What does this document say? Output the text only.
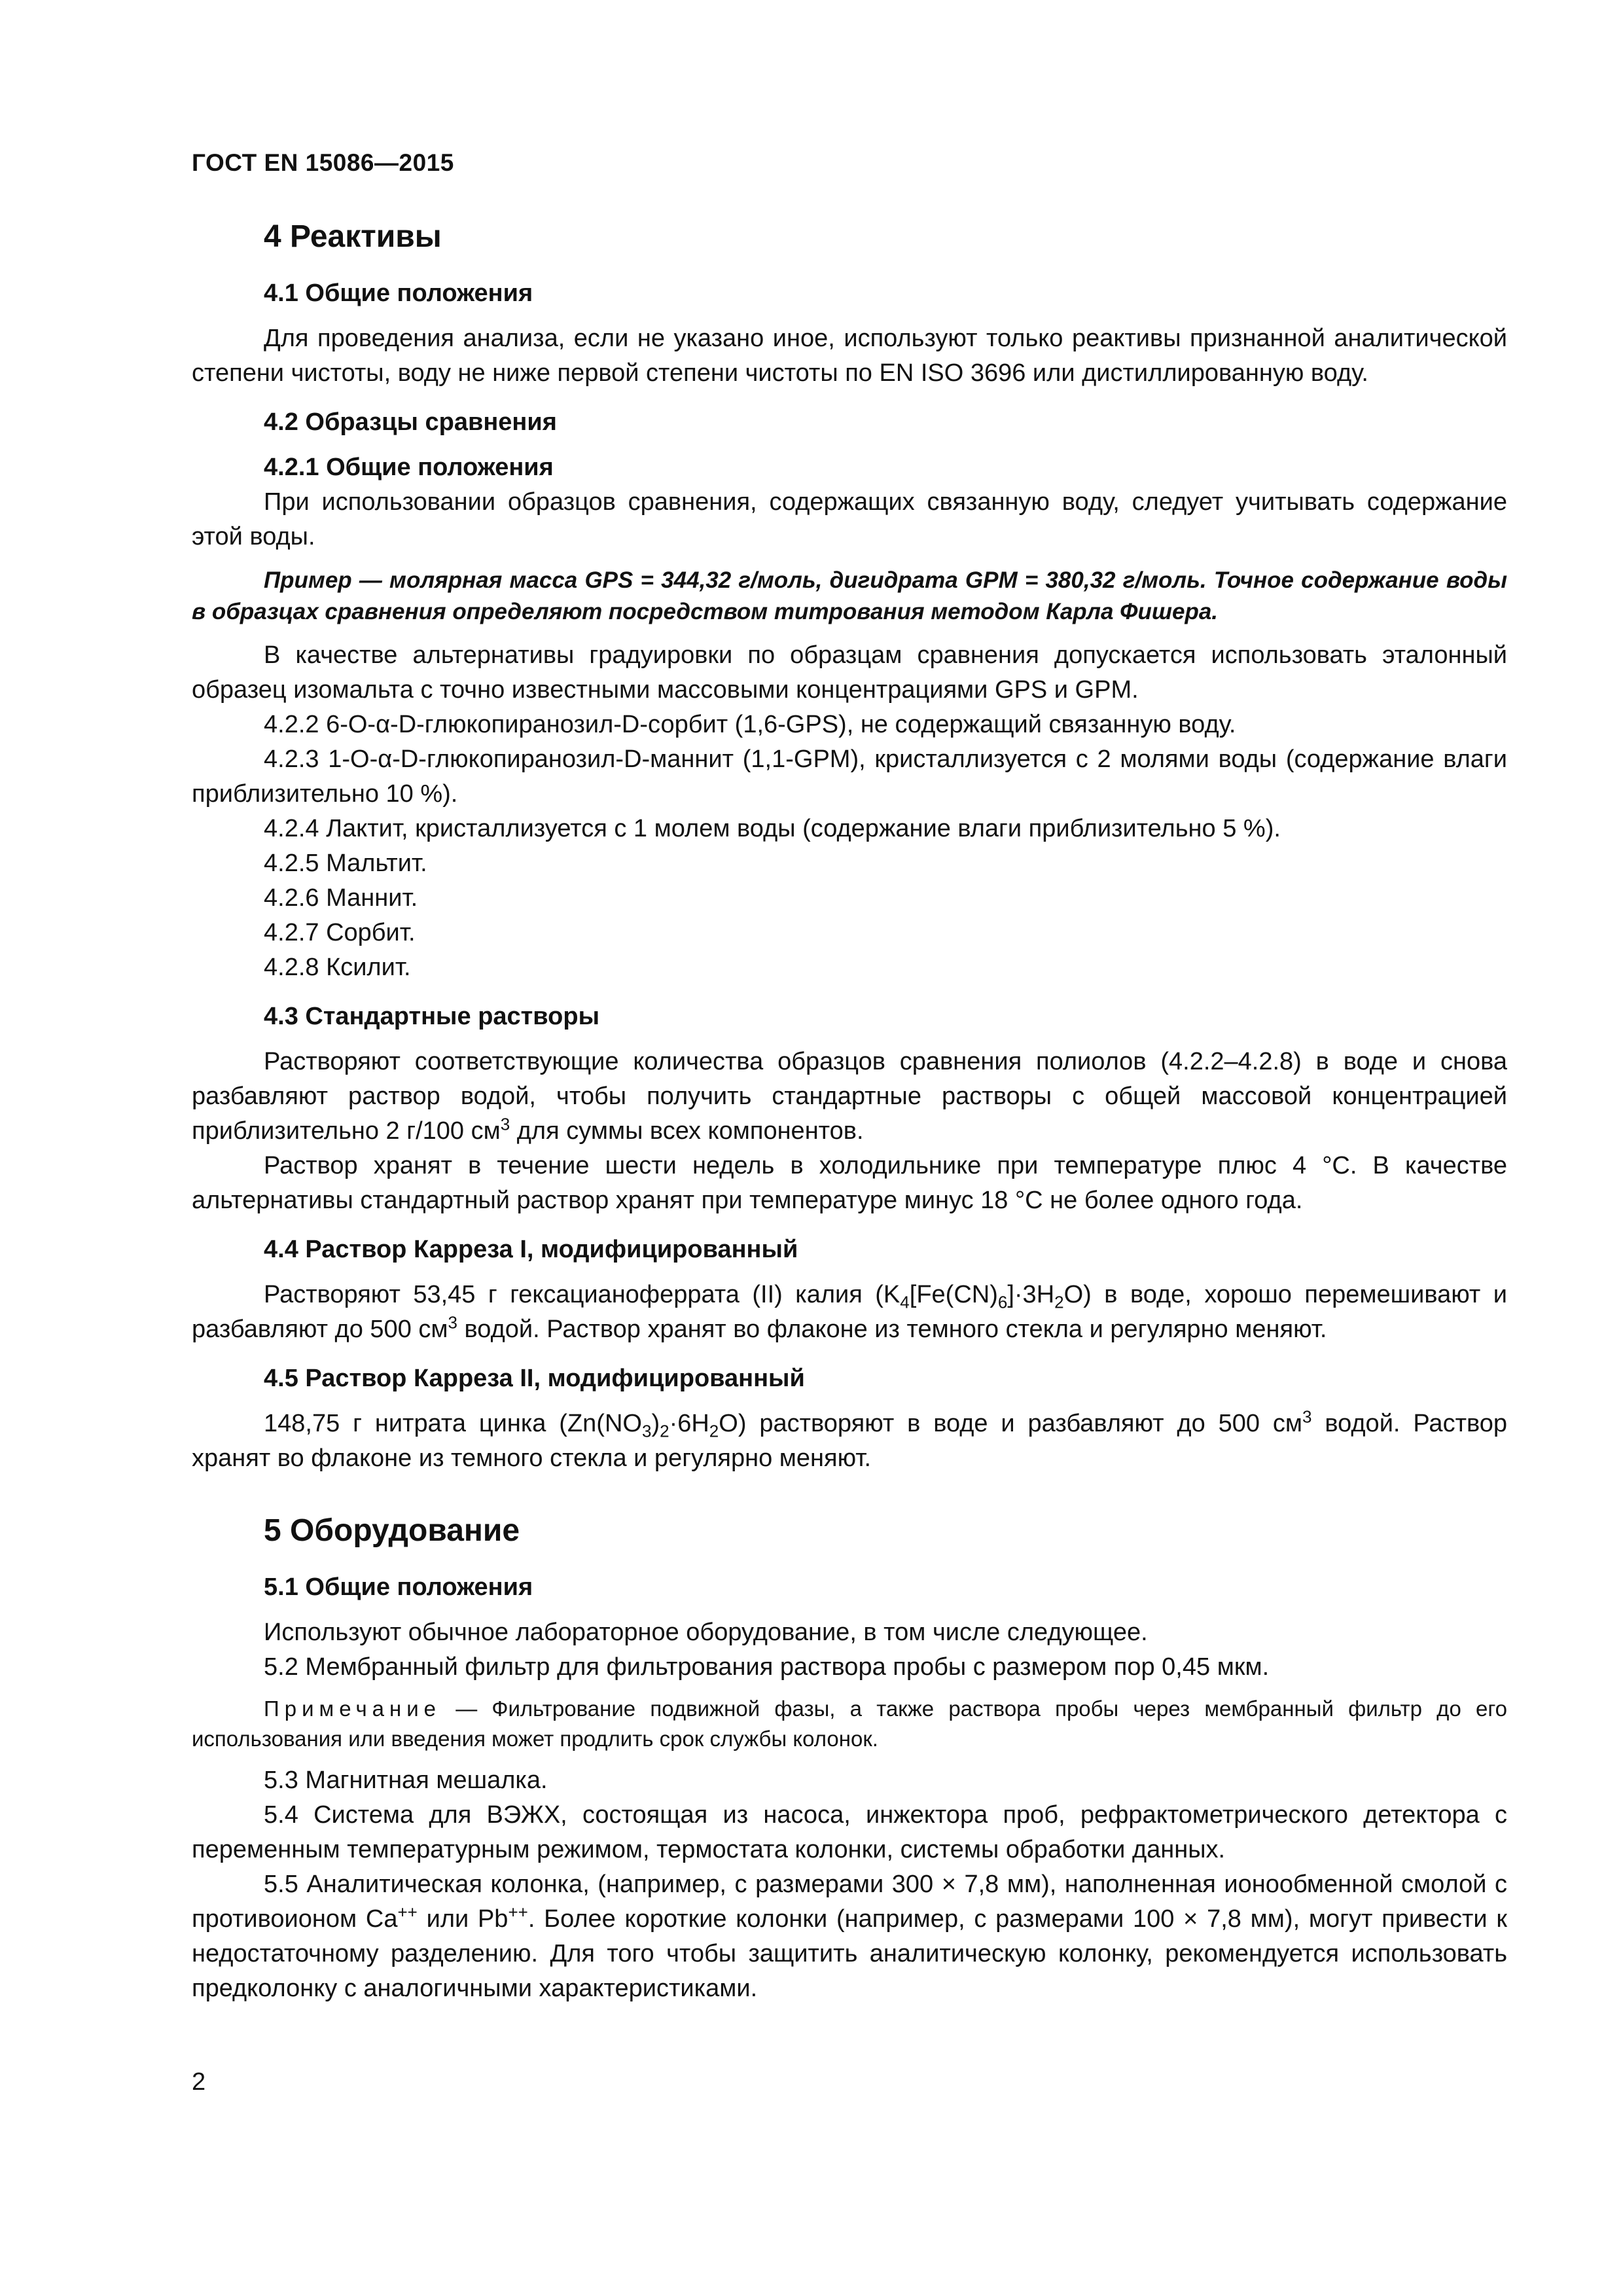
ГОСТ EN 15086—2015
4 Реактивы
4.1 Общие положения

Для проведения анализа, если не указано иное, используют только реактивы признанной аналитической степени чистоты, воду не ниже первой степени чистоты по EN ISO 3696 или дистиллированную воду.

4.2 Образцы сравнения
4.2.1 Общие положения

При использовании образцов сравнения, содержащих связанную воду, следует учитывать содержание этой воды.

Пример — молярная масса GPS = 344,32 г/моль, дигидрата GPM = 380,32 г/моль. Точное содержание воды в образцах сравнения определяют посредством титрования методом Карла Фишера.

В качестве альтернативы градуировки по образцам сравнения допускается использовать эталонный образец изомальта с точно известными массовыми концентрациями GPS и GPM.

4.2.2 6-O-α-D-глюкопиранозил-D-сорбит (1,6-GPS), не содержащий связанную воду.

4.2.3 1-O-α-D-глюкопиранозил-D-маннит (1,1-GPM), кристаллизуется с 2 молями воды (содержание влаги приблизительно 10 %).

4.2.4 Лактит, кристаллизуется с 1 молем воды (содержание влаги приблизительно 5 %).

4.2.5 Мальтит.

4.2.6 Маннит.

4.2.7 Сорбит.

4.2.8 Ксилит.

4.3 Стандартные растворы

Растворяют соответствующие количества образцов сравнения полиолов (4.2.2–4.2.8) в воде и снова разбавляют раствор водой, чтобы получить стандартные растворы с общей массовой концентрацией приблизительно 2 г/100 $см^3$ для суммы всех компонентов.

Раствор хранят в течение шести недель в холодильнике при температуре плюс 4 °С. В качестве альтернативы стандартный раствор хранят при температуре минус 18 °С не более одного года.

4.4 Раствор Карреза I, модифицированный

Растворяют 53,45 г гексацианоферрата (II) калия $(K_4[Fe(CN)_6]\cdot 3H_2O)$ в воде, хорошо перемешивают и разбавляют до 500 $см^3$ водой. Раствор хранят во флаконе из темного стекла и регулярно меняют.

4.5 Раствор Карреза II, модифицированный

148,75 г нитрата цинка $(Zn(NO_3)_2\cdot 6H_2O)$ растворяют в воде и разбавляют до 500 $см^3$ водой. Раствор хранят во флаконе из темного стекла и регулярно меняют.

5 Оборудование
5.1 Общие положения

Используют обычное лабораторное оборудование, в том числе следующее.

5.2 Мембранный фильтр для фильтрования раствора пробы с размером пор 0,45 мкм.

Примечание — Фильтрование подвижной фазы, а также раствора пробы через мембранный фильтр до его использования или введения может продлить срок службы колонок.

5.3 Магнитная мешалка.

5.4 Система для ВЭЖХ, состоящая из насоса, инжектора проб, рефрактометрического детектора с переменным температурным режимом, термостата колонки, системы обработки данных.

5.5 Аналитическая колонка, (например, с размерами 300 × 7,8 мм), наполненная ионообменной смолой с противоионом Ca++ или Pb++. Более короткие колонки (например, с размерами 100 × 7,8 мм), могут привести к недостаточному разделению. Для того чтобы защитить аналитическую колонку, рекомендуется использовать предколонку с аналогичными характеристиками.

2
